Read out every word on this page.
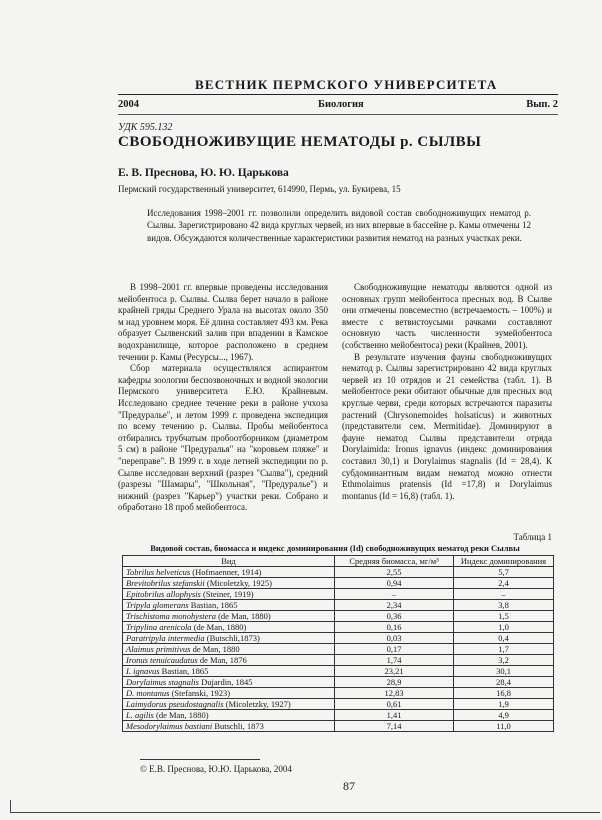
ВЕСТНИК ПЕРМСКОГО УНИВЕРСИТЕТА
2004	Биология	Вып. 2
УДК 595.132
СВОБОДНОЖИВУЩИЕ НЕМАТОДЫ р. СЫЛВЫ
Е. В. Преснова, Ю. Ю. Царькова
Пермский государственный университет, 614990, Пермь, ул. Букирева, 15
Исследования 1998–2001 гг. позволили определить видовой состав свободноживущих нематод р. Сылвы. Зарегистрировано 42 вида круглых червей, из них впервые в бассейне р. Камы отмечены 12 видов. Обсуждаются количественные характеристики развития нематод на разных участках реки.

В 1998–2001 гг. впервые проведены исследования мейобентоса р. Сылвы. Сылва берет начало в районе крайней гряды Среднего Урала на высотах около 350 м над уровнем моря. Её длина составляет 493 км. Река образует Сылвенский залив при впадении в Камское водохранилище, которое расположено в среднем течении р. Камы (Ресурсы..., 1967).

Сбор материала осуществлялся аспирантом кафедры зоологии беспозвоночных и водной экологии Пермского университета Е.Ю. Крайневым. Исследовано среднее течение реки в районе учхоза "Предуралье", и летом 1999 г. проведена экспедиция по всему течению р. Сылвы. Пробы мейобентоса отбирались трубчатым пробоотборником (диаметром 5 см) в районе "Предуралья" на "коровьем пляже" и "переправе". В 1999 г. в ходе летней экспедиции по р. Сылве исследован верхний (разрез "Сылва"), средний (разрезы "Шамары", "Школьная", "Предуралье") и нижний (разрез "Карьер") участки реки. Собрано и обработано 18 проб мейобентоса.

Свободноживущие нематоды являются одной из основных групп мейобентоса пресных вод. В Сылве они отмечены повсеместно (встречаемость – 100%) и вместе с ветвистоусыми рачками составляют основную часть численности эумейобентоса (собственно мейобентоса) реки (Крайнев, 2001).

В результате изучения фауны свободноживущих нематод р. Сылвы зарегистрировано 42 вида круглых червей из 10 отрядов и 21 семейства (табл. 1). В мейобентосе реки обитают обычные для пресных вод круглые черви, среди которых встречаются паразиты растений (Chrysonemoides holsaticus) и животных (представители сем. Mermitidae). Доминируют в фауне нематод Сылвы представители отряда Dorylaimida: Ironus ignavus (индекс доминирования составил 30,1) и Dorylaimus stagnalis (Id = 28,4). К субдоминантным видам нематод можно отнести Ethmolaimus pratensis (Id =17,8) и Dorylaimus montanus (Id = 16,8) (табл. 1).

Таблица 1
Видовой состав, биомасса и индекс доминирования (Id) свободноживущих нематод реки Сылвы
Вид	Средняя биомасса, мг/м³	Индекс доминирования
Tobrilus helveticus (Hofmaenner, 1914)	2,55	5,7
Brevitobrilus stefanskii (Micoletzky, 1925)	0,94	2,4
Epitobrilus allophysis (Steiner, 1919)	–	–
Tripyla glomerans Bastian, 1865	2,34	3,8
Trischistoma monohystera (de Man, 1880)	0,36	1,5
Tripylina arenicola (de Man, 1880)	0,16	1,0
Paratripyla intermedia (Butschli,1873)	0,03	0,4
Alaimus primitivus de Man, 1880	0,17	1,7
Ironus tenuicaudatus de Man, 1876	1,74	3,2
I. ignavus Bastian, 1865	23,21	30,1
Dorylaimus stagnalis Dujardin, 1845	28,9	28,4
D. montanus (Stefanski, 1923)	12,83	16,8
Laimydorus pseudostagnalis (Micoletzky, 1927)	0,61	1,9
L. agilis (de Man, 1880)	1,41	4,9
Mesodorylaimus bastiani Butschli, 1873	7,14	11,0
© Е.В. Преснова, Ю.Ю. Царькова, 2004
87
